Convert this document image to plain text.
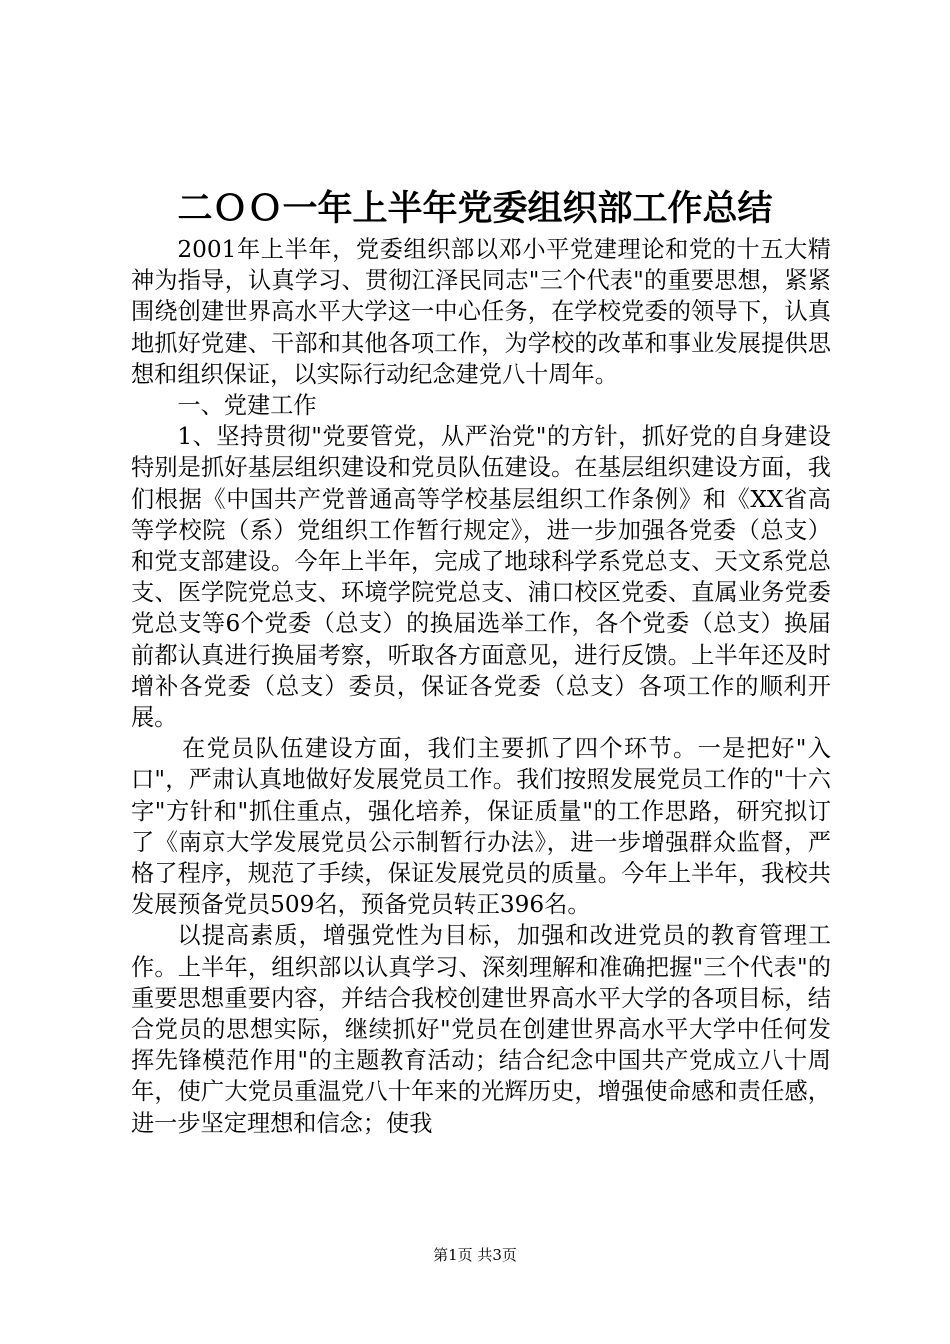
二ＯＯ一年上半年党委组织部工作总结

2001年上半年，党委组织部以邓小平党建理论和党的十五大精神为指导，认真学习、贯彻江泽民同志"三个代表"的重要思想，紧紧围绕创建世界高水平大学这一中心任务，在学校党委的领导下，认真地抓好党建、干部和其他各项工作，为学校的改革和事业发展提供思想和组织保证，以实际行动纪念建党八十周年。

一、党建工作

1、坚持贯彻"党要管党，从严治党"的方针，抓好党的自身建设特别是抓好基层组织建设和党员队伍建设。在基层组织建设方面，我们根据《中国共产党普通高等学校基层组织工作条例》和《XX省高等学校院（系）党组织工作暂行规定》，进一步加强各党委（总支）和党支部建设。今年上半年，完成了地球科学系党总支、天文系党总支、医学院党总支、环境学院党总支、浦口校区党委、直属业务党委党总支等6个党委（总支）的换届选举工作，各个党委（总支）换届前都认真进行换届考察，听取各方面意见，进行反馈。上半年还及时增补各党委（总支）委员，保证各党委（总支）各项工作的顺利开展。

在党员队伍建设方面，我们主要抓了四个环节。一是把好"入口"，严肃认真地做好发展党员工作。我们按照发展党员工作的"十六字"方针和"抓住重点，强化培养，保证质量"的工作思路，研究拟订了《南京大学发展党员公示制暂行办法》，进一步增强群众监督，严格了程序，规范了手续，保证发展党员的质量。今年上半年，我校共发展预备党员509名，预备党员转正396名。

以提高素质，增强党性为目标，加强和改进党员的教育管理工作。上半年，组织部以认真学习、深刻理解和准确把握"三个代表"的重要思想重要内容，并结合我校创建世界高水平大学的各项目标，结合党员的思想实际，继续抓好"党员在创建世界高水平大学中任何发挥先锋模范作用"的主题教育活动；结合纪念中国共产党成立八十周年，使广大党员重温党八十年来的光辉历史，增强使命感和责任感，进一步坚定理想和信念；使我

第1页 共3页
